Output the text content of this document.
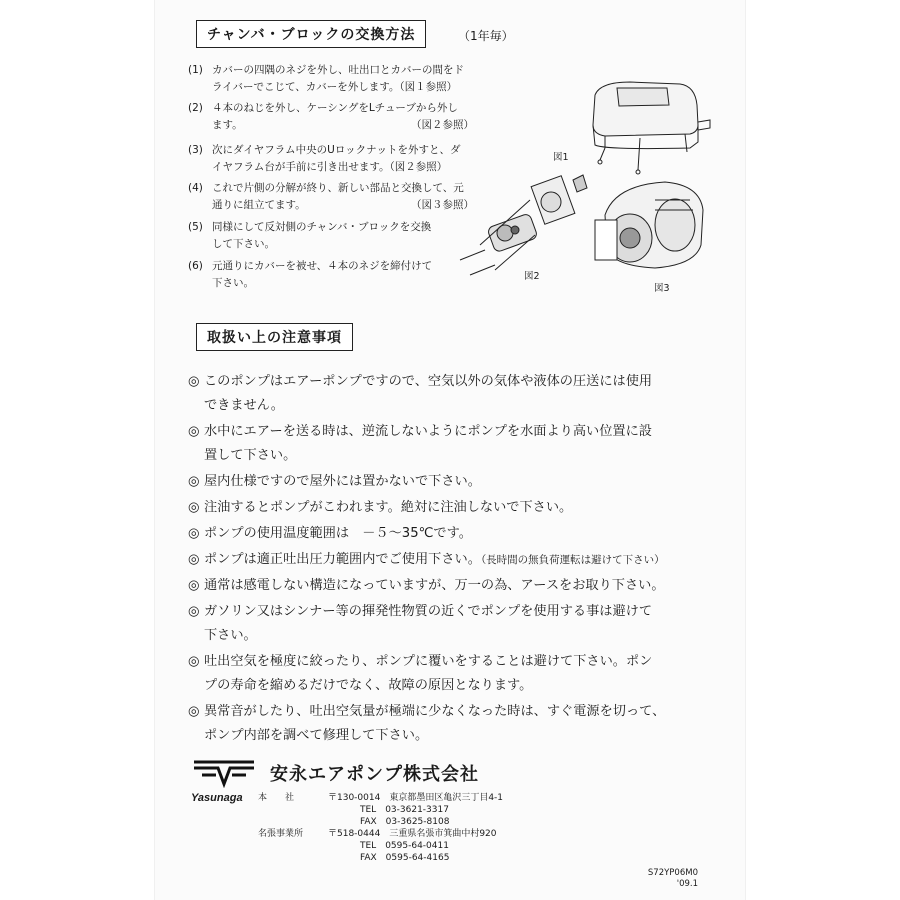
チャンバ・ブロックの交換方法	（1年毎）
(1) カバーの四隅のネジを外し、吐出口とカバーの間をド
ライバーでこじて、カバーを外します。（図１参照）
(2) ４本のねじを外し、ケーシングをLチューブから外し
ます。	（図２参照）
(3) 次にダイヤフラム中央のUロックナットを外すと、ダ
イヤフラム台が手前に引き出せます。（図２参照）
(4) これで片側の分解が終り、新しい部品と交換して、元
通りに組立てます。	（図３参照）
(5) 同様にして反対側のチャンバ・ブロックを交換
して下さい。
(6) 元通りにカバーを被せ、４本のネジを締付けて
下さい。
図1
図2
図3
取扱い上の注意事項
◎ このポンプはエアーポンプですので、空気以外の気体や液体の圧送には使用
できません。
◎ 水中にエアーを送る時は、逆流しないようにポンプを水面より高い位置に設
置して下さい。
◎ 屋内仕様ですので屋外には置かないで下さい。
◎ 注油するとポンプがこわれます。絶対に注油しないで下さい。
◎ ポンプの使用温度範囲は　－５～35℃です。
◎ ポンプは適正吐出圧力範囲内でご使用下さい。（長時間の無負荷運転は避けて下さい）
◎ 通常は感電しない構造になっていますが、万一の為、アースをお取り下さい。
◎ ガソリン又はシンナー等の揮発性物質の近くでポンプを使用する事は避けて
下さい。
◎ 吐出空気を極度に絞ったり、ポンプに覆いをすることは避けて下さい。ポン
プの寿命を縮めるだけでなく、故障の原因となります。
◎ 異常音がしたり、吐出空気量が極端に少なくなった時は、すぐ電源を切って、
ポンプ内部を調べて修理して下さい。
Yasunaga
安永エアポンプ株式会社
本　　社	〒130-0014　東京都墨田区亀沢三丁目4-1
TEL　03-3621-3317
FAX　03-3625-8108
名張事業所	〒518-0444　三重県名張市箕曲中村920
TEL　0595-64-0411
FAX　0595-64-4165
S72YP06M0
'09.1
